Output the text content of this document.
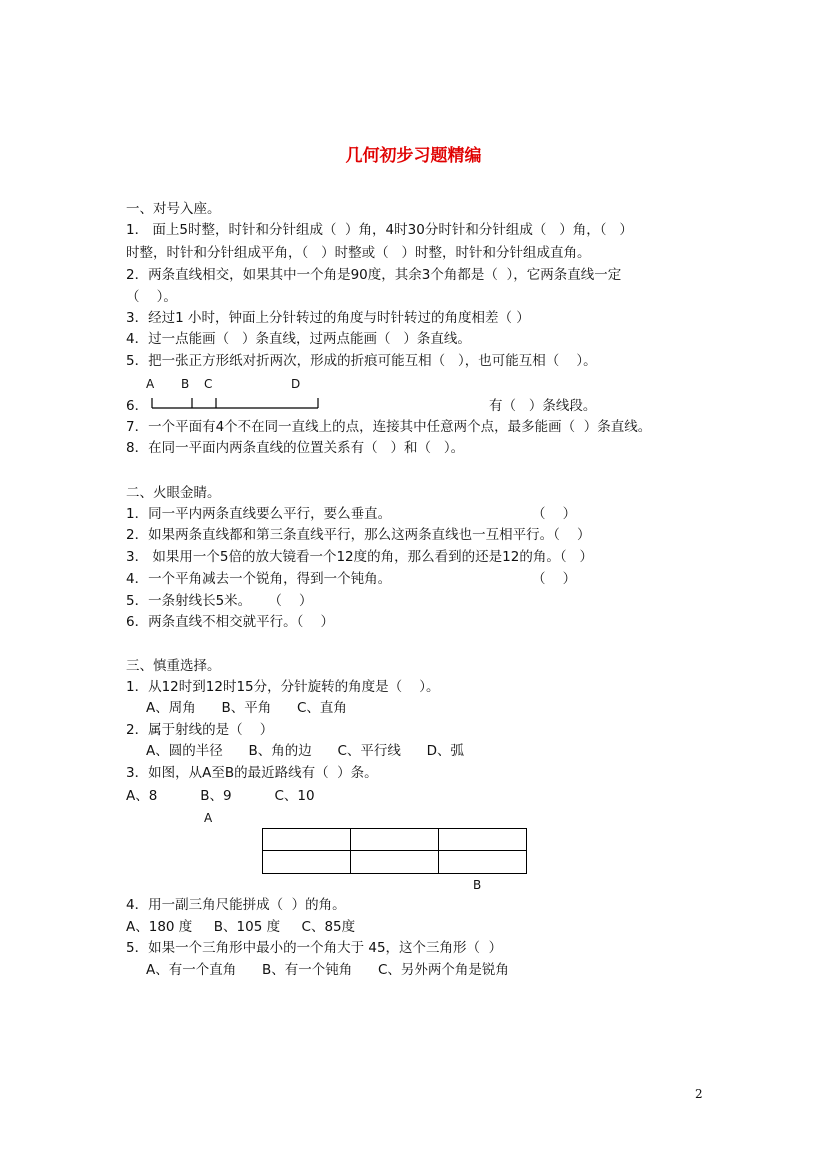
几何初步习题精编
一、对号入座。
1． 面上5时整，时针和分针组成（  ）角，4时30分时针和分针组成（   ）角，（   ）
时整，时针和分针组成平角，（   ）时整或（   ）时整，时针和分针组成直角。
2．两条直线相交，如果其中一个角是90度，其余3个角都是（  ），它两条直线一定
（    ）。
3．经过1 小时，钟面上分针转过的角度与时针转过的角度相差（ ）
4．过一点能画（   ）条直线，过两点能画（   ）条直线。
5．把一张正方形纸对折两次，形成的折痕可能互相（   ），也可能互相（    ）。
A B C	D
6．	有（   ）条线段。
7．一个平面有4个不在同一直线上的点，连接其中任意两个点，最多能画（  ）条直线。
8．在同一平面内两条直线的位置关系有（   ）和（   ）。
二、火眼金睛。
1．同一平内两条直线要么平行，要么垂直。	（    ）
2．如果两条直线都和第三条直线平行，那么这两条直线也一互相平行。（    ）
3． 如果用一个5倍的放大镜看一个12度的角，那么看到的还是12的角。（   ）
4．一个平角减去一个锐角，得到一个钝角。	（    ）
5．一条射线长5米。    （    ）
6．两条直线不相交就平行。（    ）
三、慎重选择。
1．从12时到12时15分，分针旋转的角度是（    ）。
A、周角      B、平角      C、直角
2．属于射线的是（    ）
A、圆的半径      B、角的边      C、平行线      D、弧
3．如图，从A至B的最近路线有（  ）条。
A、8          B、9          C、10
A
B
4．用一副三角尺能拼成（  ）的角。
A、180 度     B、105 度     C、85度
5．如果一个三角形中最小的一个角大于 45，这个三角形（  ）
A、有一个直角      B、有一个钝角      C、另外两个角是锐角
2
